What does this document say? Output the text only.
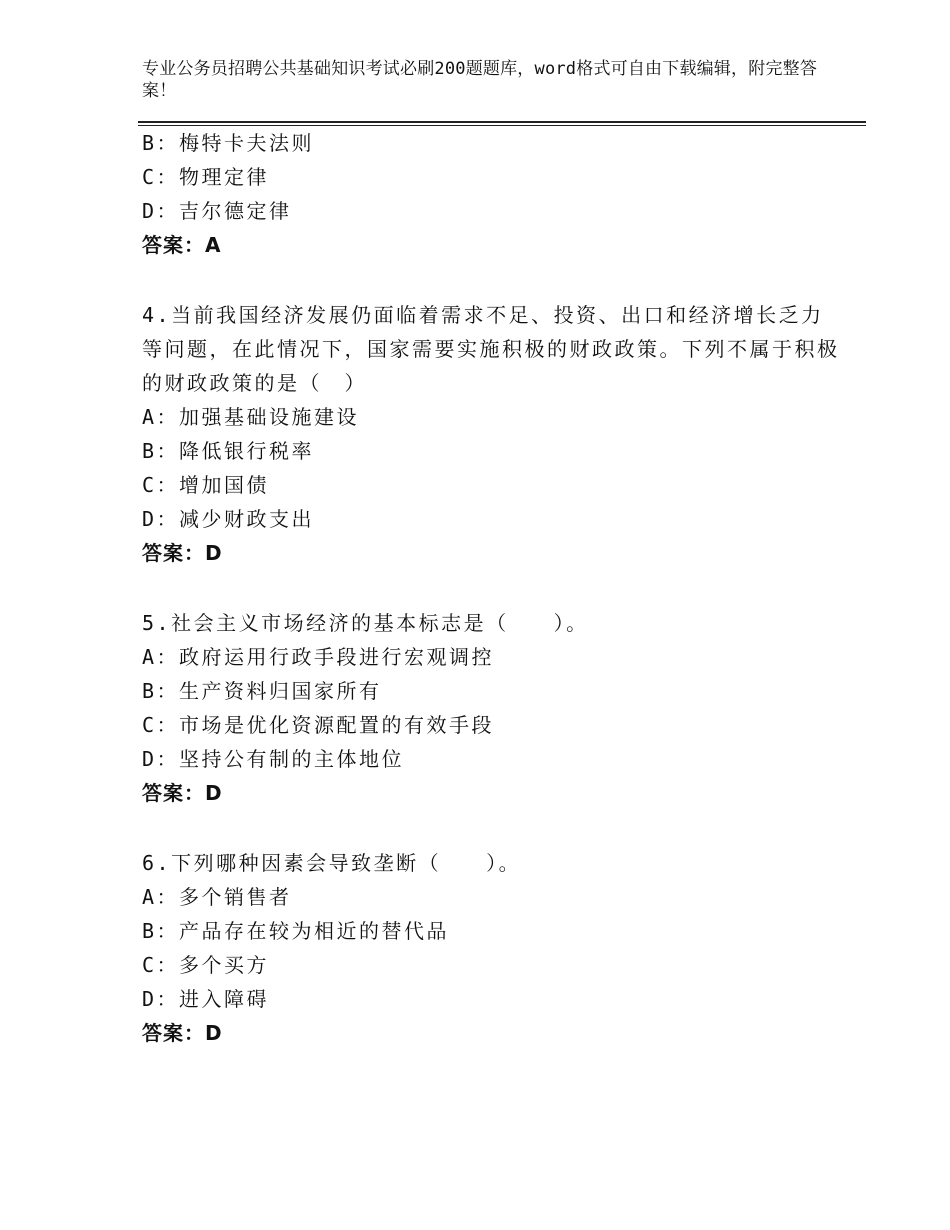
专业公务员招聘公共基础知识考试必刷200题题库，word格式可自由下载编辑，附完整答案！
B：梅特卡夫法则
C：物理定律
D：吉尔德定律
答案：A
4.当前我国经济发展仍面临着需求不足、投资、出口和经济增长乏力等问题，在此情况下，国家需要实施积极的财政政策。下列不属于积极的财政政策的是（　）
A：加强基础设施建设
B：降低银行税率
C：增加国债
D：减少财政支出
答案：D
5.社会主义市场经济的基本标志是（　　）。
A：政府运用行政手段进行宏观调控
B：生产资料归国家所有
C：市场是优化资源配置的有效手段
D：坚持公有制的主体地位
答案：D
6.下列哪种因素会导致垄断（　　）。
A：多个销售者
B：产品存在较为相近的替代品
C：多个买方
D：进入障碍
答案：D
